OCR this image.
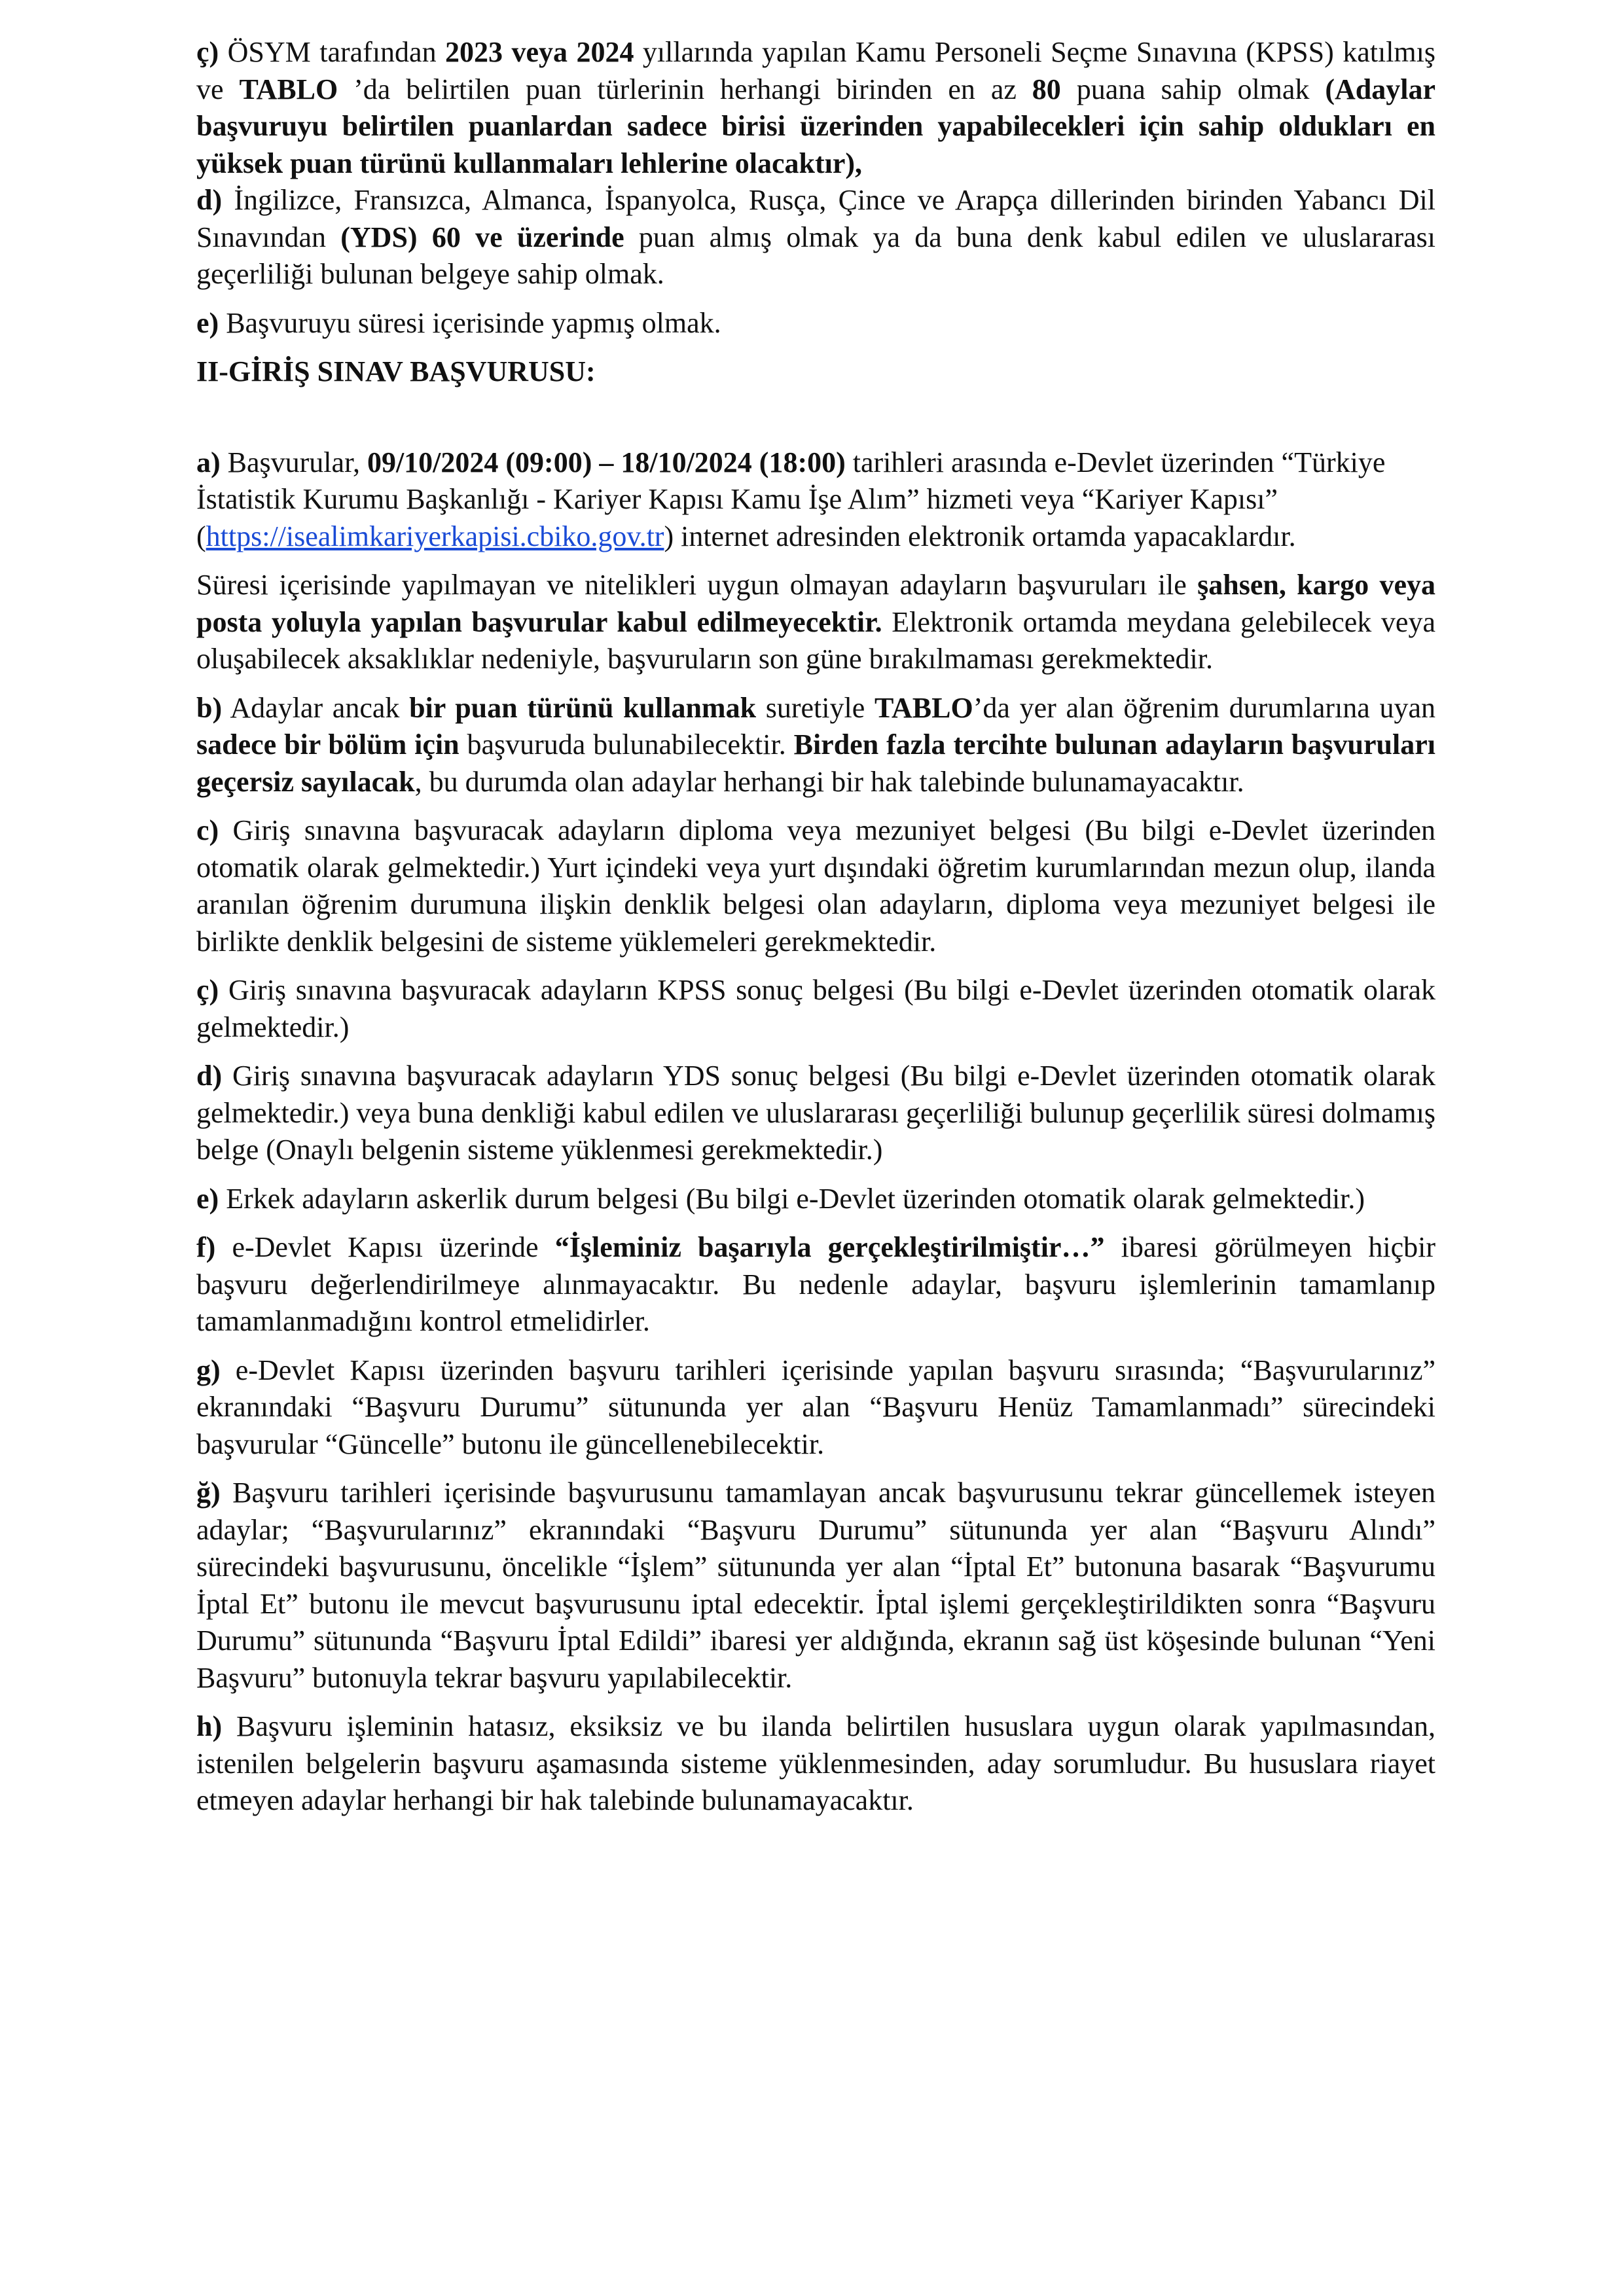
ç) ÖSYM tarafından 2023 veya 2024 yıllarında yapılan Kamu Personeli Seçme Sınavına (KPSS) katılmış ve TABLO ’da belirtilen puan türlerinin herhangi birinden en az 80 puana sahip olmak (Adaylar başvuruyu belirtilen puanlardan sadece birisi üzerinden yapabilecekleri için sahip oldukları en yüksek puan türünü kullanmaları lehlerine olacaktır),

d) İngilizce, Fransızca, Almanca, İspanyolca, Rusça, Çince ve Arapça dillerinden birinden Yabancı Dil Sınavından (YDS) 60 ve üzerinde puan almış olmak ya da buna denk kabul edilen ve uluslararası geçerliliği bulunan belgeye sahip olmak.

e) Başvuruyu süresi içerisinde yapmış olmak.

II-GİRİŞ SINAV BAŞVURUSU:

a) Başvurular, 09/10/2024 (09:00) – 18/10/2024 (18:00) tarihleri arasında e-Devlet üzerinden “Türkiye İstatistik Kurumu Başkanlığı - Kariyer Kapısı Kamu İşe Alım” hizmeti veya “Kariyer Kapısı” (https://isealimkariyerkapisi.cbiko.gov.tr) internet adresinden elektronik ortamda yapacaklardır.

Süresi içerisinde yapılmayan ve nitelikleri uygun olmayan adayların başvuruları ile şahsen, kargo veya posta yoluyla yapılan başvurular kabul edilmeyecektir. Elektronik ortamda meydana gelebilecek veya oluşabilecek aksaklıklar nedeniyle, başvuruların son güne bırakılmaması gerekmektedir.

b) Adaylar ancak bir puan türünü kullanmak suretiyle TABLO’da yer alan öğrenim durumlarına uyan sadece bir bölüm için başvuruda bulunabilecektir. Birden fazla tercihte bulunan adayların başvuruları geçersiz sayılacak, bu durumda olan adaylar herhangi bir hak talebinde bulunamayacaktır.

c) Giriş sınavına başvuracak adayların diploma veya mezuniyet belgesi (Bu bilgi e-Devlet üzerinden otomatik olarak gelmektedir.) Yurt içindeki veya yurt dışındaki öğretim kurumlarından mezun olup, ilanda aranılan öğrenim durumuna ilişkin denklik belgesi olan adayların, diploma veya mezuniyet belgesi ile birlikte denklik belgesini de sisteme yüklemeleri gerekmektedir.

ç) Giriş sınavına başvuracak adayların KPSS sonuç belgesi (Bu bilgi e-Devlet üzerinden otomatik olarak gelmektedir.)

d) Giriş sınavına başvuracak adayların YDS sonuç belgesi (Bu bilgi e-Devlet üzerinden otomatik olarak gelmektedir.) veya buna denkliği kabul edilen ve uluslararası geçerliliği bulunup geçerlilik süresi dolmamış belge (Onaylı belgenin sisteme yüklenmesi gerekmektedir.)

e) Erkek adayların askerlik durum belgesi (Bu bilgi e-Devlet üzerinden otomatik olarak gelmektedir.)

f) e-Devlet Kapısı üzerinde “İşleminiz başarıyla gerçekleştirilmiştir…” ibaresi görülmeyen hiçbir başvuru değerlendirilmeye alınmayacaktır. Bu nedenle adaylar, başvuru işlemlerinin tamamlanıp tamamlanmadığını kontrol etmelidirler.

g) e-Devlet Kapısı üzerinden başvuru tarihleri içerisinde yapılan başvuru sırasında; “Başvurularınız” ekranındaki “Başvuru Durumu” sütununda yer alan “Başvuru Henüz Tamamlanmadı” sürecindeki başvurular “Güncelle” butonu ile güncellenebilecektir.

ğ) Başvuru tarihleri içerisinde başvurusunu tamamlayan ancak başvurusunu tekrar güncellemek isteyen adaylar; “Başvurularınız” ekranındaki “Başvuru Durumu” sütununda yer alan “Başvuru Alındı” sürecindeki başvurusunu, öncelikle “İşlem” sütununda yer alan “İptal Et” butonuna basarak “Başvurumu İptal Et” butonu ile mevcut başvurusunu iptal edecektir. İptal işlemi gerçekleştirildikten sonra “Başvuru Durumu” sütununda “Başvuru İptal Edildi” ibaresi yer aldığında, ekranın sağ üst köşesinde bulunan “Yeni Başvuru” butonuyla tekrar başvuru yapılabilecektir.

h) Başvuru işleminin hatasız, eksiksiz ve bu ilanda belirtilen hususlara uygun olarak yapılmasından, istenilen belgelerin başvuru aşamasında sisteme yüklenmesinden, aday sorumludur. Bu hususlara riayet etmeyen adaylar herhangi bir hak talebinde bulunamayacaktır.
